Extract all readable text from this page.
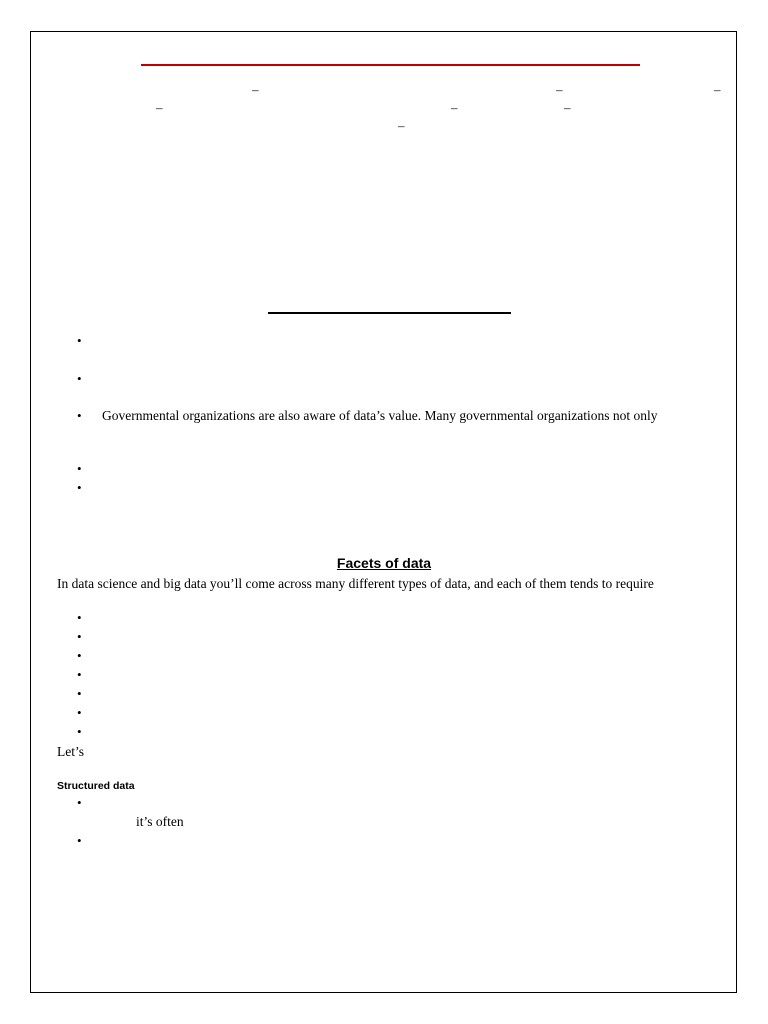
–	–	–
–	–	–
–
•
•
• Governmental organizations are also aware of data’s value. Many governmental organizations not only
•
•
Facets of data
In data science and big data you’ll come across many different types of data, and each of them tends to require
•
•
•
•
•
•
•
Let’s
Structured data
•
it’s often
•
